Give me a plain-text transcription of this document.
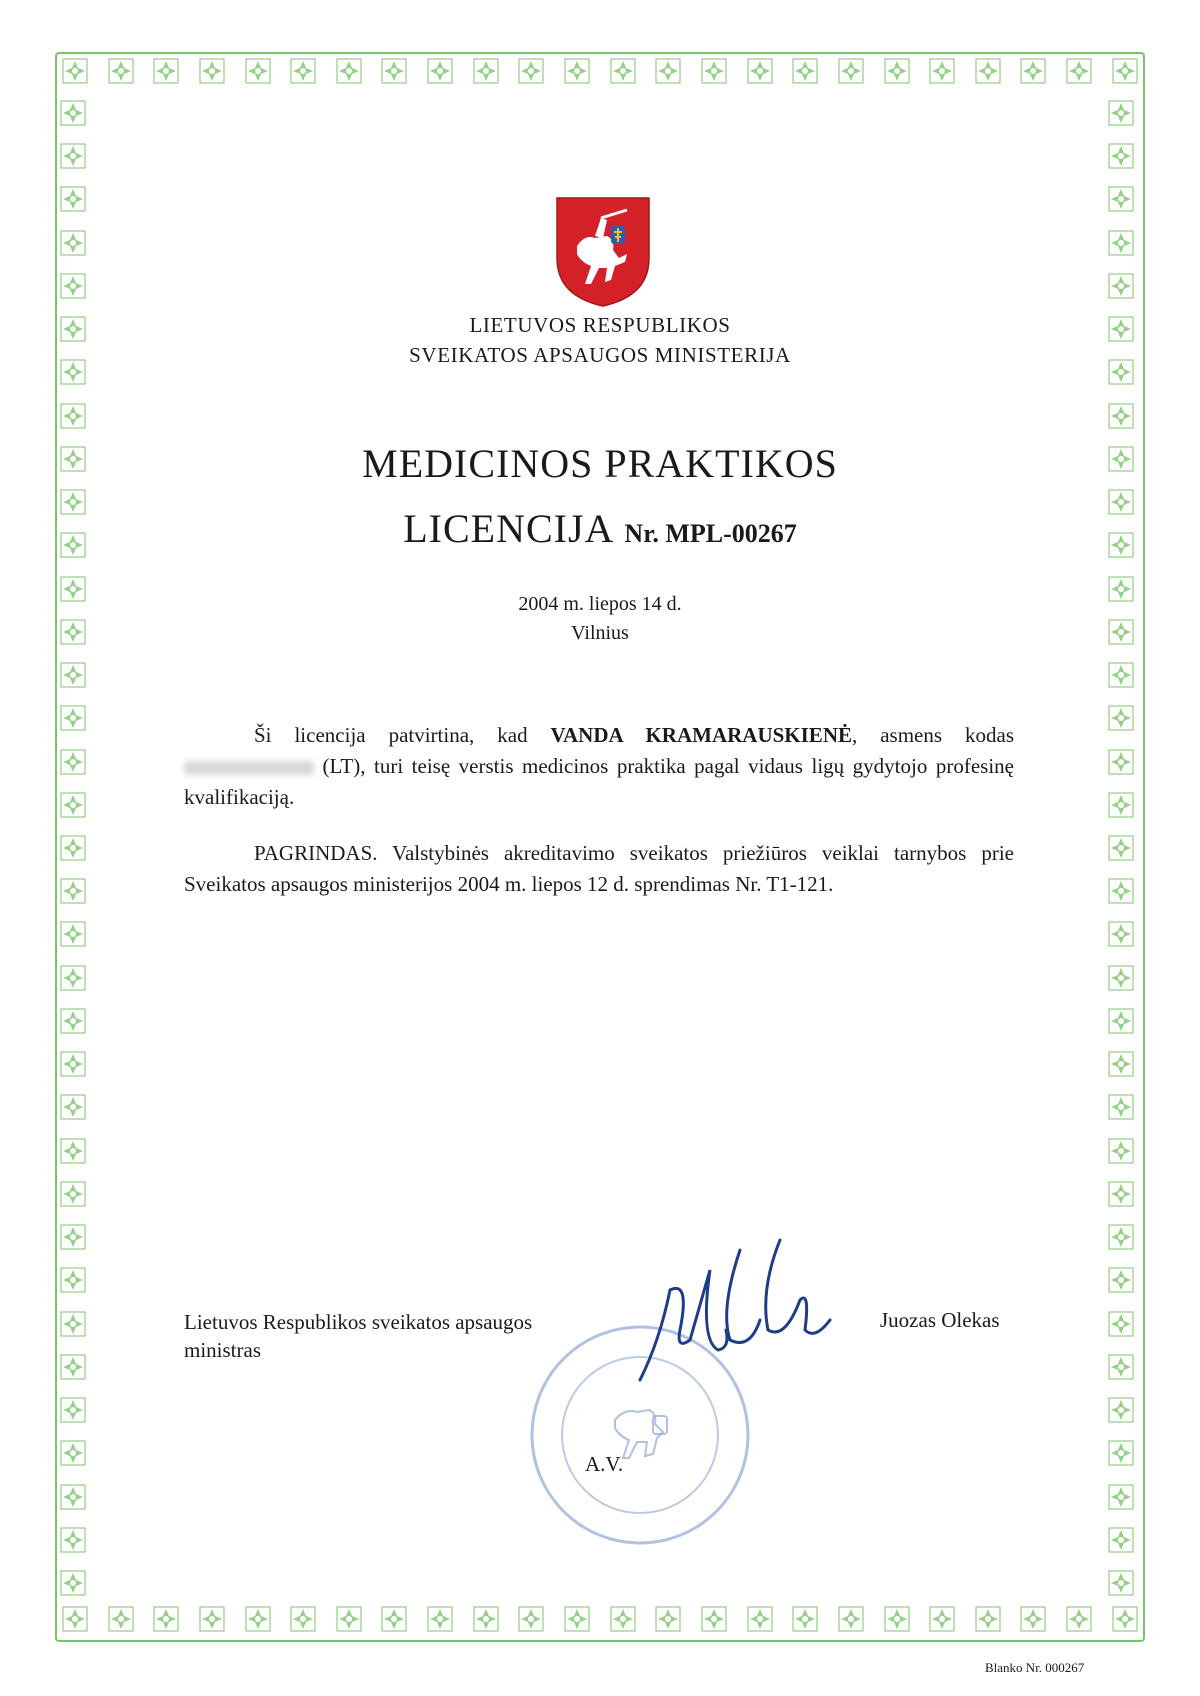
LIETUVOS RESPUBLIKOS
SVEIKATOS APSAUGOS MINISTERIJA
MEDICINOS PRAKTIKOS
LICENCIJA Nr. MPL-00267
2004 m. liepos 14 d.
Vilnius
Ši licencija patvirtina, kad VANDA KRAMARAUSKIENĖ, asmens kodas  (LT), turi teisę verstis medicinos praktika pagal vidaus ligų gydytojo profesinę kvalifikaciją.
PAGRINDAS. Valstybinės akreditavimo sveikatos priežiūros veiklai tarnybos prie Sveikatos apsaugos ministerijos 2004 m. liepos 12 d. sprendimas Nr. T1-121.
Lietuvos Respublikos sveikatos apsaugos
ministras
Juozas Olekas
A.V.
Blanko Nr. 000267
